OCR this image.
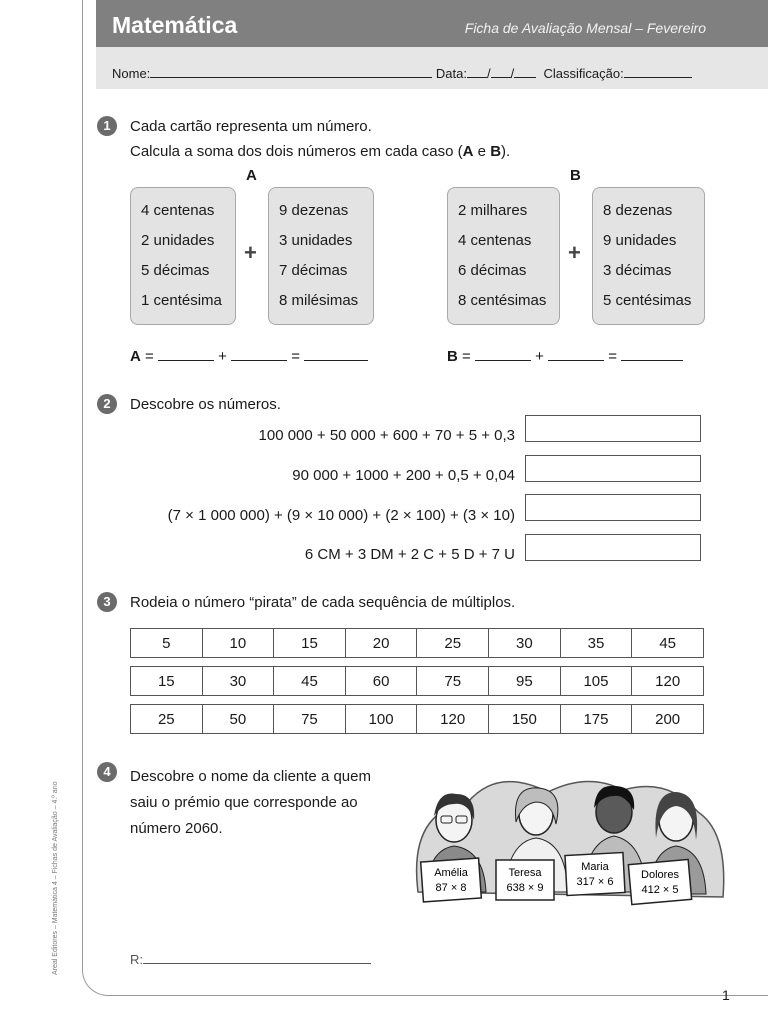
Matemática	Ficha de Avaliação Mensal – Fevereiro
Nome:	Data: / / Classificação:
1	Cada cartão representa um número.
Calcula a soma dos dois números em cada caso (A e B).
A	B
4 centenas
2 unidades
5 décimas
1 centésima
+
9 dezenas
3 unidades
7 décimas
8 milésimas
2 milhares
4 centenas
6 décimas
8 centésimas
+
8 dezenas
9 unidades
3 décimas
5 centésimas
A =	+	=	B =	+	=
2	Descobre os números.
100 000 + 50 000 + 600 + 70 + 5 + 0,3
90 000 + 1000 + 200 + 0,5 + 0,04
(7 × 1 000 000) + (9 × 10 000) + (2 × 100) + (3 × 10)
6 CM + 3 DM + 2 C + 5 D + 7 U
3	Rodeia o número “pirata” de cada sequência de múltiplos.
5	10	15	20	25	30	35	45
15	30	45	60	75	95	105	120
25	50	75	100	120	150	175	200
4	Descobre o nome da cliente a quem
saiu o prémio que corresponde ao
número 2060.
Amélia
87 × 8
Teresa
638 × 9
Maria
317 × 6
Dolores
412 × 5
R:
Areal Editores – Matemática 4 – Fichas de Avaliação – 4.º ano
1
